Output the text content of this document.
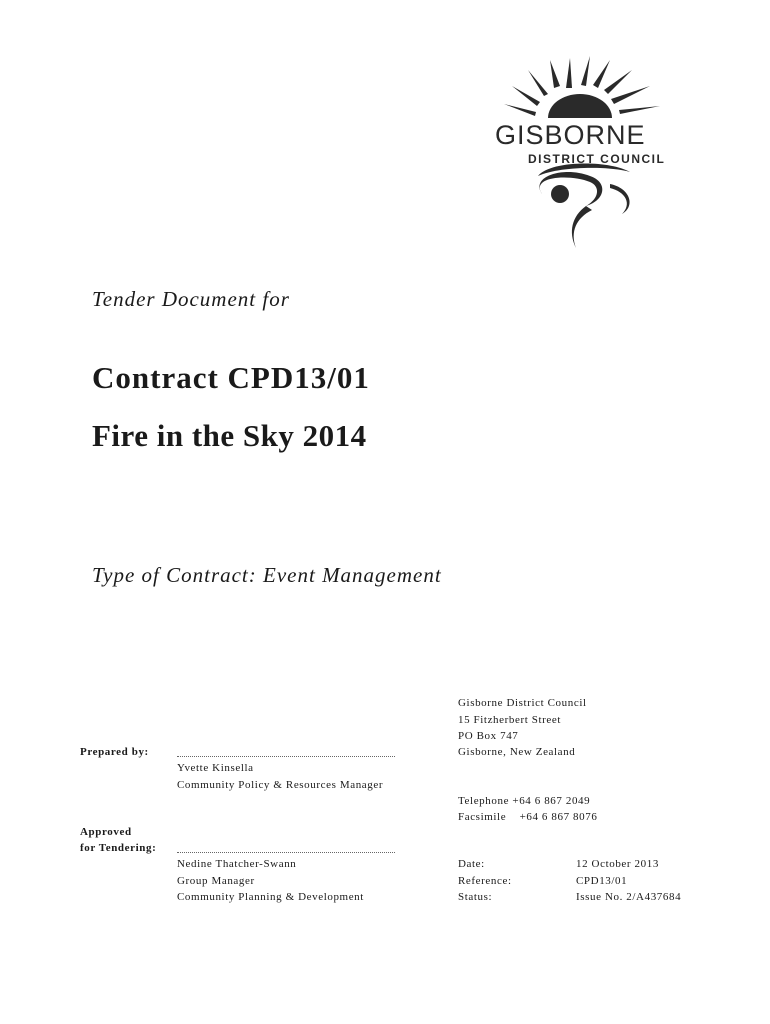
GISBORNE
DISTRICT COUNCIL
Tender Document for
Contract CPD13/01
Fire in the Sky 2014
Type of Contract: Event Management
Gisborne District Council
15 Fitzherbert Street
PO Box 747
Gisborne, New Zealand
Telephone +64 6 867 2049
Facsimile    +64 6 867 8076
Prepared by:
Yvette Kinsella
Community Policy & Resources Manager
Approved
for Tendering:
Nedine Thatcher-Swann
Group Manager
Community Planning & Development
Date:	12 October 2013
Reference:	CPD13/01
Status:	Issue No. 2/A437684
